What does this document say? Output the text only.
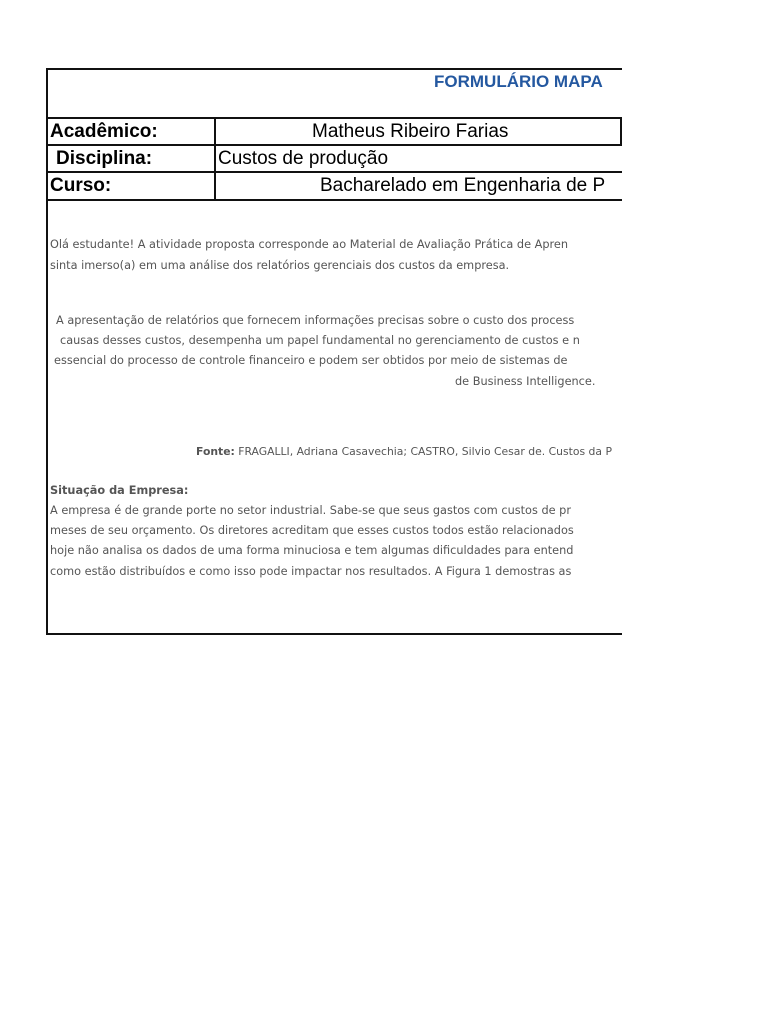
FORMULÁRIO MAPA
Acadêmico:	Matheus Ribeiro Farias
Disciplina:	Custos de produção
Curso:	Bacharelado em Engenharia de P
Olá estudante! A atividade proposta corresponde ao Material de Avaliação Prática de Apren
sinta imerso(a) em uma análise dos relatórios gerenciais dos custos da empresa.
A apresentação de relatórios que fornecem informações precisas sobre o custo dos process
causas desses custos, desempenha um papel fundamental no gerenciamento de custos e n
essencial do processo de controle financeiro e podem ser obtidos por meio de sistemas de
de Business Intelligence.
Fonte: FRAGALLI, Adriana Casavechia; CASTRO, Silvio Cesar de. Custos da P
Situação da Empresa:
A empresa é de grande porte no setor industrial. Sabe-se que seus gastos com custos de pr
meses de seu orçamento. Os diretores acreditam que esses custos todos estão relacionados
hoje não analisa os dados de uma forma minuciosa e tem algumas dificuldades para entend
como estão distribuídos e como isso pode impactar nos resultados. A Figura 1 demostras as
